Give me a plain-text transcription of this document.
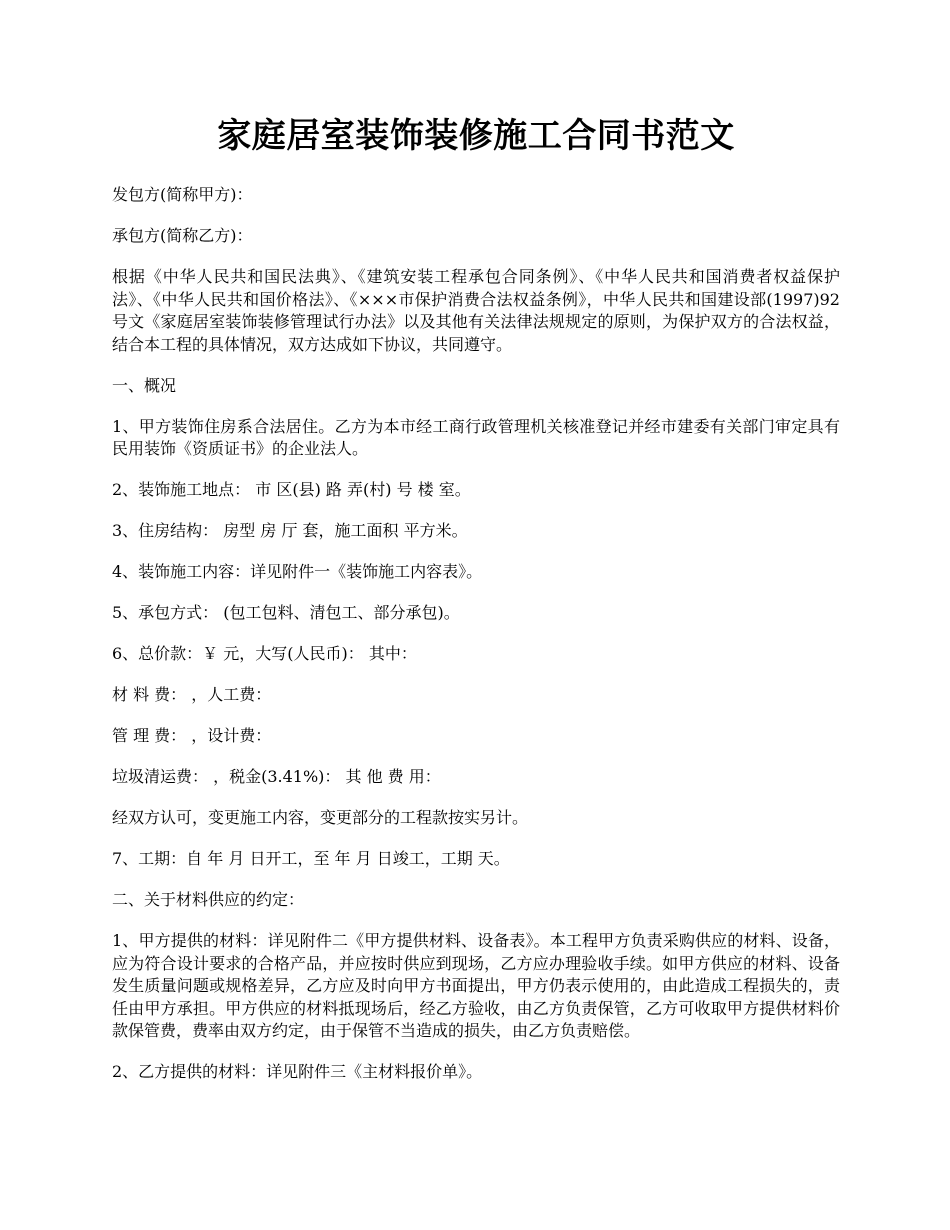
家庭居室装饰装修施工合同书范文

发包方(简称甲方)：

承包方(简称乙方)：

根据《中华人民共和国民法典》、《建筑安装工程承包合同条例》、《中华人民共和国消费者权益保护法》、《中华人民共和国价格法》、《×××市保护消费合法权益条例》，中华人民共和国建设部(1997)92号文《家庭居室装饰装修管理试行办法》以及其他有关法律法规规定的原则，为保护双方的合法权益，结合本工程的具体情况，双方达成如下协议，共同遵守。

一、概况

1、甲方装饰住房系合法居住。乙方为本市经工商行政管理机关核准登记并经市建委有关部门审定具有民用装饰《资质证书》的企业法人。

2、装饰施工地点： 市 区(县) 路 弄(村) 号 楼 室。

3、住房结构： 房型 房 厅 套，施工面积 平方米。

4、装饰施工内容：详见附件一《装饰施工内容表》。

5、承包方式： (包工包料、清包工、部分承包)。

6、总价款：￥ 元，大写(人民币)： 其中：

材 料 费： ，人工费：

管 理 费： ，设计费：

垃圾清运费： ，税金(3.41%)： 其 他 费 用：

经双方认可，变更施工内容，变更部分的工程款按实另计。

7、工期：自 年 月 日开工，至 年 月 日竣工，工期 天。

二、关于材料供应的约定：

1、甲方提供的材料：详见附件二《甲方提供材料、设备表》。本工程甲方负责采购供应的材料、设备，应为符合设计要求的合格产品，并应按时供应到现场，乙方应办理验收手续。如甲方供应的材料、设备发生质量问题或规格差异，乙方应及时向甲方书面提出，甲方仍表示使用的，由此造成工程损失的，责任由甲方承担。甲方供应的材料抵现场后，经乙方验收，由乙方负责保管，乙方可收取甲方提供材料价款保管费，费率由双方约定，由于保管不当造成的损失，由乙方负责赔偿。

2、乙方提供的材料：详见附件三《主材料报价单》。
